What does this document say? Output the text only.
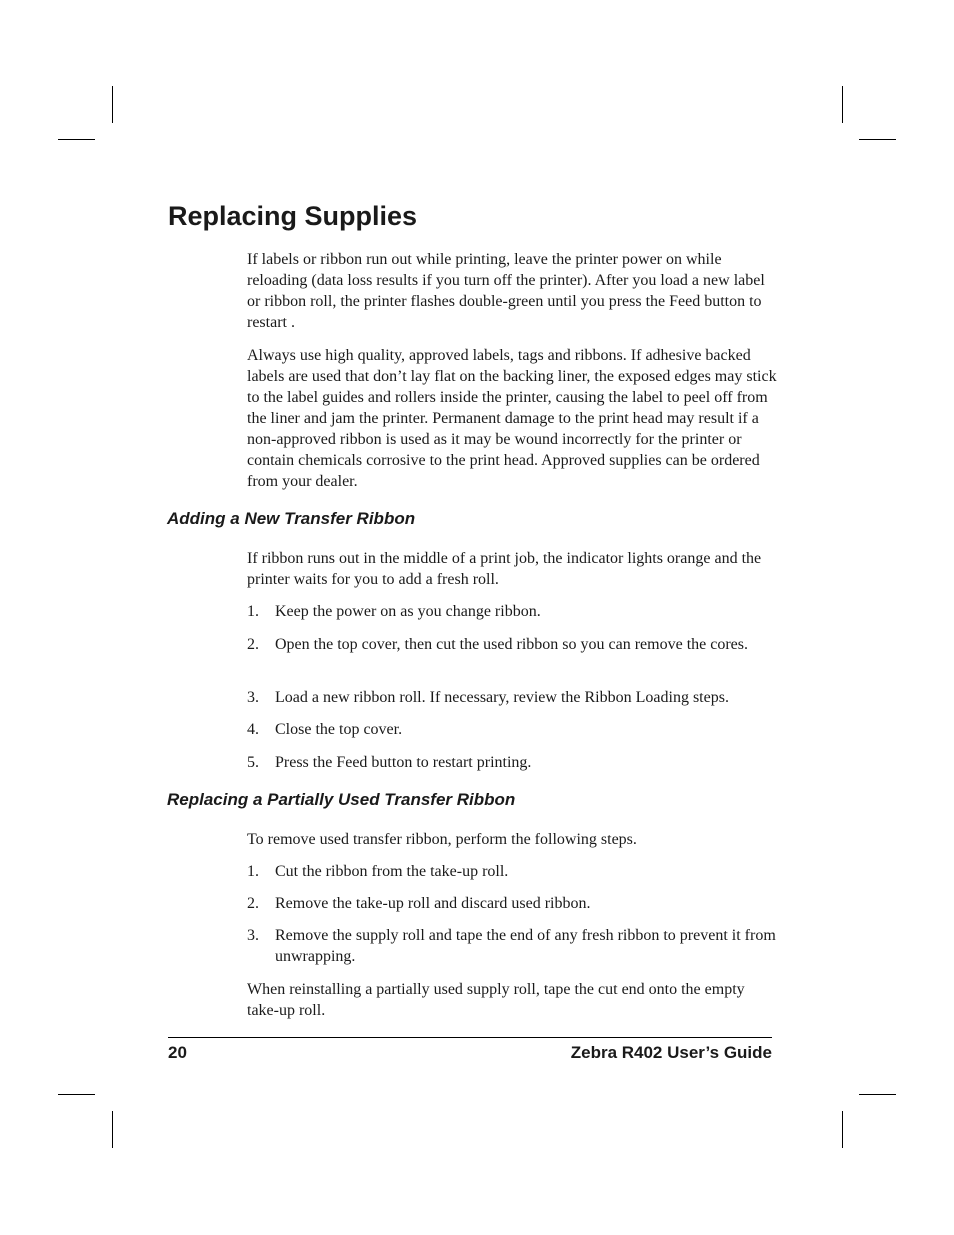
Replacing Supplies

If labels or ribbon run out while printing, leave the printer power on while reloading (data loss results if you turn off the printer). After you load a new label or ribbon roll, the printer flashes double-green until you press the Feed button to restart .

Always use high quality, approved labels, tags and ribbons. If adhesive backed labels are used that don’t lay flat on the backing liner, the exposed edges may stick to the label guides and rollers inside the printer, causing the label to peel off from the liner and jam the printer. Permanent damage to the print head may result if a non-approved ribbon is used as it may be wound incorrectly for the printer or contain chemicals corrosive to the print head. Approved supplies can be ordered from your dealer.

Adding a New Transfer Ribbon

If ribbon runs out in the middle of a print job, the indicator lights orange and the printer waits for you to add a fresh roll.

1. Keep the power on as you change ribbon.
2. Open the top cover, then cut the used ribbon so you can remove the cores.
3. Load a new ribbon roll. If necessary, review the Ribbon Loading steps.
4. Close the top cover.
5. Press the Feed button to restart printing.
Replacing a Partially Used Transfer Ribbon

To remove used transfer ribbon, perform the following steps.

1. Cut the ribbon from the take-up roll.
2. Remove the take-up roll and discard used ribbon.
3. Remove the supply roll and tape the end of any fresh ribbon to prevent it from unwrapping.

When reinstalling a partially used supply roll, tape the cut end onto the empty take-up roll.

20	Zebra R402 User’s Guide
